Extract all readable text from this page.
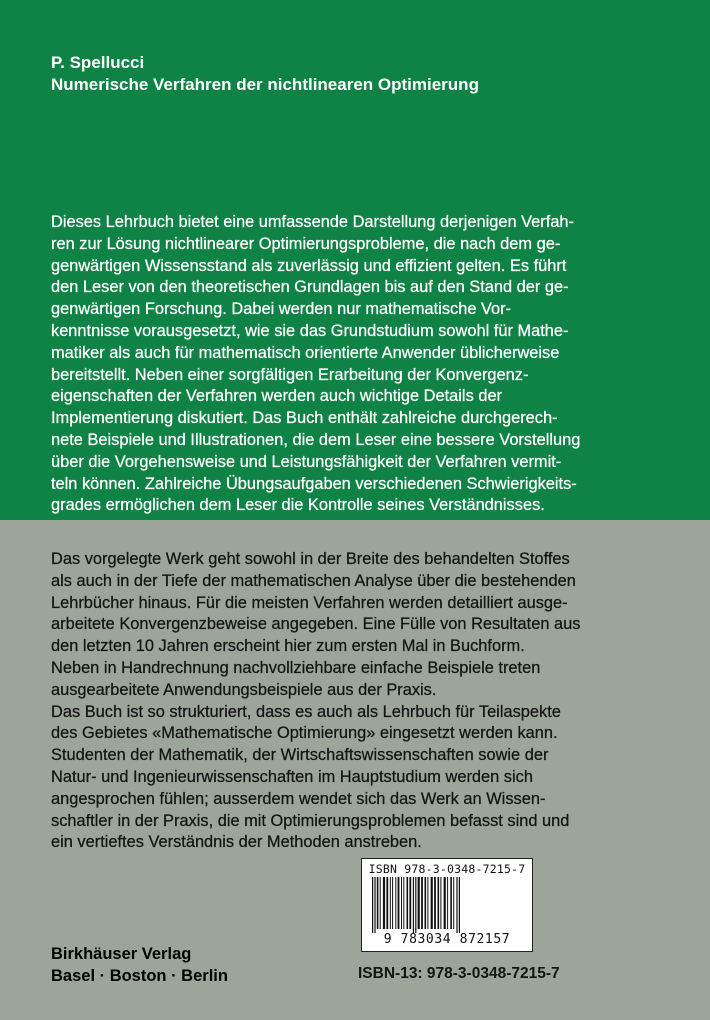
P. Spellucci
Numerische Verfahren der nichtlinearen Optimierung
Dieses Lehrbuch bietet eine umfassende Darstellung derjenigen Verfah-
ren zur Lösung nichtlinearer Optimierungsprobleme, die nach dem ge-
genwärtigen Wissensstand als zuverlässig und effizient gelten. Es führt
den Leser von den theoretischen Grundlagen bis auf den Stand der ge-
genwärtigen Forschung. Dabei werden nur mathematische Vor-
kenntnisse vorausgesetzt, wie sie das Grundstudium sowohl für Mathe-
matiker als auch für mathematisch orientierte Anwender üblicherweise
bereitstellt. Neben einer sorgfältigen Erarbeitung der Konvergenz-
eigenschaften der Verfahren werden auch wichtige Details der
Implementierung diskutiert. Das Buch enthält zahlreiche durchgerech-
nete Beispiele und Illustrationen, die dem Leser eine bessere Vorstellung
über die Vorgehensweise und Leistungsfähigkeit der Verfahren vermit-
teln können. Zahlreiche Übungsaufgaben verschiedenen Schwierigkeits-
grades ermöglichen dem Leser die Kontrolle seines Verständnisses.
Das vorgelegte Werk geht sowohl in der Breite des behandelten Stoffes
als auch in der Tiefe der mathematischen Analyse über die bestehenden
Lehrbücher hinaus. Für die meisten Verfahren werden detailliert ausge-
arbeitete Konvergenzbeweise angegeben. Eine Fülle von Resultaten aus
den letzten 10 Jahren erscheint hier zum ersten Mal in Buchform.
Neben in Handrechnung nachvollziehbare einfache Beispiele treten
ausgearbeitete Anwendungsbeispiele aus der Praxis.
Das Buch ist so strukturiert, dass es auch als Lehrbuch für Teilaspekte
des Gebietes «Mathematische Optimierung» eingesetzt werden kann.
Studenten der Mathematik, der Wirtschaftswissenschaften sowie der
Natur- und Ingenieurwissenschaften im Hauptstudium werden sich
angesprochen fühlen; ausserdem wendet sich das Werk an Wissen-
schaftler in der Praxis, die mit Optimierungsproblemen befasst sind und
ein vertieftes Verständnis der Methoden anstreben.
ISBN 978-3-0348-7215-7
9 783034 872157
Birkhäuser Verlag
Basel · Boston · Berlin	ISBN-13: 978-3-0348-7215-7
